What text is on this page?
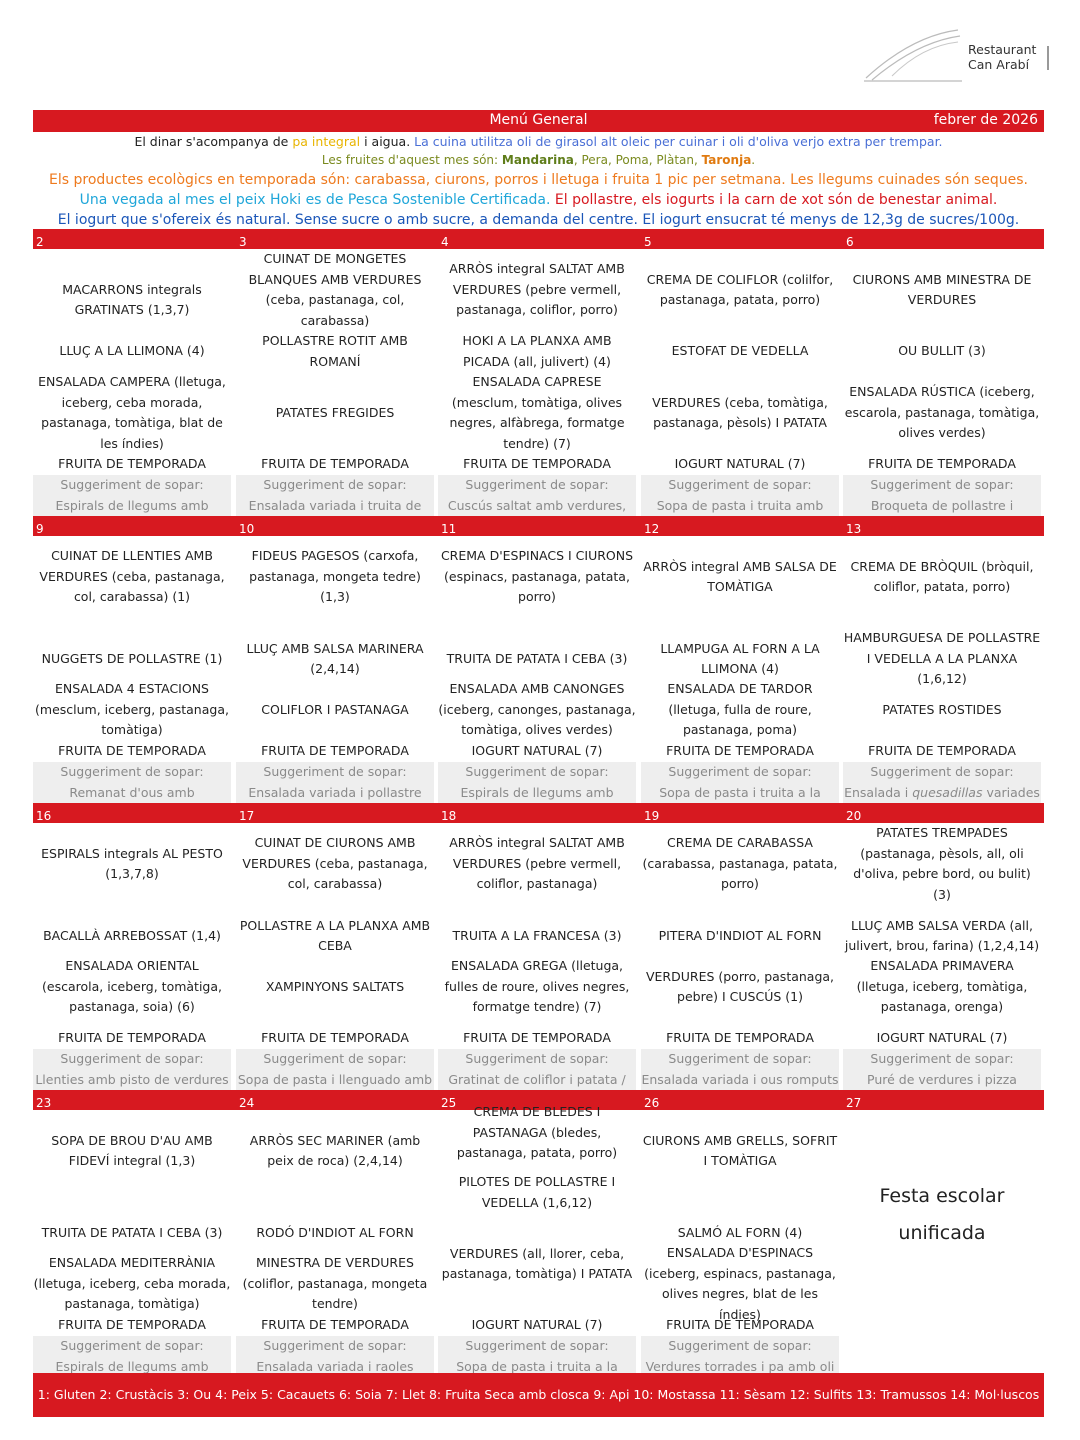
Restaurant
Can Arabí
Menú General	febrer de 2026
El dinar s'acompanya de pa integral i aigua. La cuina utilitza oli de girasol alt oleic per cuinar i oli d'oliva verjo extra per trempar.
Les fruites d'aquest mes són: Mandarina, Pera, Poma, Plàtan, Taronja.
Els productes ecològics en temporada són: carabassa, ciurons, porros i lletuga i fruita 1 pic per setmana. Les llegums cuinades són seques.
Una vegada al mes el peix Hoki es de Pesca Sostenible Certificada. El pollastre, els iogurts i la carn de xot són de benestar animal.
El iogurt que s'ofereix és natural. Sense sucre o amb sucre, a demanda del centre. El iogurt ensucrat té menys de 12,3g de sucres/100g.
2
MACARRONS integrals GRATINATS (1,3,7)
LLUÇ A LA LLIMONA (4)
ENSALADA CAMPERA (lletuga, iceberg, ceba morada, pastanaga, tomàtiga, blat de les índies)
FRUITA DE TEMPORADA
Suggeriment de sopar:
Espirals de llegums amb
3
CUINAT DE MONGETES BLANQUES AMB VERDURES (ceba, pastanaga, col, carabassa)
POLLASTRE ROTIT AMB ROMANÍ
PATATES FREGIDES
FRUITA DE TEMPORADA
Suggeriment de sopar:
Ensalada variada i truita de
4
ARRÒS integral SALTAT AMB VERDURES (pebre vermell, pastanaga, coliflor, porro)
HOKI A LA PLANXA AMB PICADA (all, julivert) (4)
ENSALADA CAPRESE (mesclum, tomàtiga, olives negres, alfàbrega, formatge tendre) (7)
FRUITA DE TEMPORADA
Suggeriment de sopar:
Cuscús saltat amb verdures,
5
CREMA DE COLIFLOR (colilfor, pastanaga, patata, porro)
ESTOFAT DE VEDELLA
VERDURES (ceba, tomàtiga, pastanaga, pèsols) I PATATA
IOGURT NATURAL (7)
Suggeriment de sopar:
Sopa de pasta i truita amb
6
CIURONS AMB MINESTRA DE VERDURES
OU BULLIT (3)
ENSALADA RÚSTICA (iceberg, escarola, pastanaga, tomàtiga, olives verdes)
FRUITA DE TEMPORADA
Suggeriment de sopar:
Broqueta de pollastre i
9
CUINAT DE LLENTIES AMB VERDURES (ceba, pastanaga, col, carabassa) (1)
NUGGETS DE POLLASTRE (1)
ENSALADA 4 ESTACIONS (mesclum, iceberg, pastanaga, tomàtiga)
FRUITA DE TEMPORADA
Suggeriment de sopar:
Remanat d'ous amb
10
FIDEUS PAGESOS (carxofa, pastanaga, mongeta tedre) (1,3)
LLUÇ AMB SALSA MARINERA (2,4,14)
COLIFLOR I PASTANAGA
FRUITA DE TEMPORADA
Suggeriment de sopar:
Ensalada variada i pollastre
11
CREMA D'ESPINACS I CIURONS (espinacs, pastanaga, patata, porro)
TRUITA DE PATATA I CEBA (3)
ENSALADA AMB CANONGES (iceberg, canonges, pastanaga, tomàtiga, olives verdes)
IOGURT NATURAL (7)
Suggeriment de sopar:
Espirals de llegums amb
12
ARRÒS integral AMB SALSA DE TOMÀTIGA
LLAMPUGA AL FORN A LA LLIMONA (4)
ENSALADA DE TARDOR (lletuga, fulla de roure, pastanaga, poma)
FRUITA DE TEMPORADA
Suggeriment de sopar:
Sopa de pasta i truita a la
13
CREMA DE BRÒQUIL (bròquil, coliflor, patata, porro)
HAMBURGUESA DE POLLASTRE I VEDELLA A LA PLANXA (1,6,12)
PATATES ROSTIDES
FRUITA DE TEMPORADA
Suggeriment de sopar:
Ensalada i quesadillas variades
16
ESPIRALS integrals AL PESTO (1,3,7,8)
BACALLÀ ARREBOSSAT (1,4)
ENSALADA ORIENTAL (escarola, iceberg, tomàtiga, pastanaga, soia) (6)
FRUITA DE TEMPORADA
Suggeriment de sopar:
Llenties amb pisto de verdures
17
CUINAT DE CIURONS AMB VERDURES (ceba, pastanaga, col, carabassa)
POLLASTRE A LA PLANXA AMB CEBA
XAMPINYONS SALTATS
FRUITA DE TEMPORADA
Suggeriment de sopar:
Sopa de pasta i llenguado amb
18
ARRÒS integral SALTAT AMB VERDURES (pebre vermell, coliflor, pastanaga)
TRUITA A LA FRANCESA (3)
ENSALADA GREGA (lletuga, fulles de roure, olives negres, formatge tendre) (7)
FRUITA DE TEMPORADA
Suggeriment de sopar:
Gratinat de coliflor i patata /
19
CREMA DE CARABASSA (carabassa, pastanaga, patata, porro)
PITERA D'INDIOT AL FORN
VERDURES (porro, pastanaga, pebre) I CUSCÚS (1)
FRUITA DE TEMPORADA
Suggeriment de sopar:
Ensalada variada i ous romputs
20
PATATES TREMPADES (pastanaga, pèsols, all, oli d'oliva, pebre bord, ou bulit) (3)
LLUÇ AMB SALSA VERDA (all, julivert, brou, farina) (1,2,4,14)
ENSALADA PRIMAVERA (lletuga, iceberg, tomàtiga, pastanaga, orenga)
IOGURT NATURAL (7)
Suggeriment de sopar:
Puré de verdures i pizza
23
SOPA DE BROU D'AU AMB FIDEVÍ integral (1,3)
TRUITA DE PATATA I CEBA (3)
ENSALADA MEDITERRÀNIA (lletuga, iceberg, ceba morada, pastanaga, tomàtiga)
FRUITA DE TEMPORADA
Suggeriment de sopar:
Espirals de llegums amb
24
ARRÒS SEC MARINER (amb peix de roca) (2,4,14)
RODÓ D'INDIOT AL FORN
MINESTRA DE VERDURES (coliflor, pastanaga, mongeta tendre)
FRUITA DE TEMPORADA
Suggeriment de sopar:
Ensalada variada i raoles
25
CREMA DE BLEDES I PASTANAGA (bledes, pastanaga, patata, porro)
PILOTES DE POLLASTRE I VEDELLA (1,6,12)
VERDURES (all, llorer, ceba, pastanaga, tomàtiga) I PATATA
IOGURT NATURAL (7)
Suggeriment de sopar:
Sopa de pasta i truita a la
26
CIURONS AMB GRELLS, SOFRIT I TOMÀTIGA
SALMÓ AL FORN (4)
ENSALADA D'ESPINACS (iceberg, espinacs, pastanaga, olives negres, blat de les índies)
FRUITA DE TEMPORADA
Suggeriment de sopar:
Verdures torrades i pa amb oli
27
Festa escolar
unificada
1: Gluten 2: Crustàcis 3: Ou 4: Peix 5: Cacauets 6: Soia 7: Llet 8: Fruita Seca amb closca 9: Api 10: Mostassa 11: Sèsam 12: Sulfits 13: Tramussos 14: Mol·luscos
